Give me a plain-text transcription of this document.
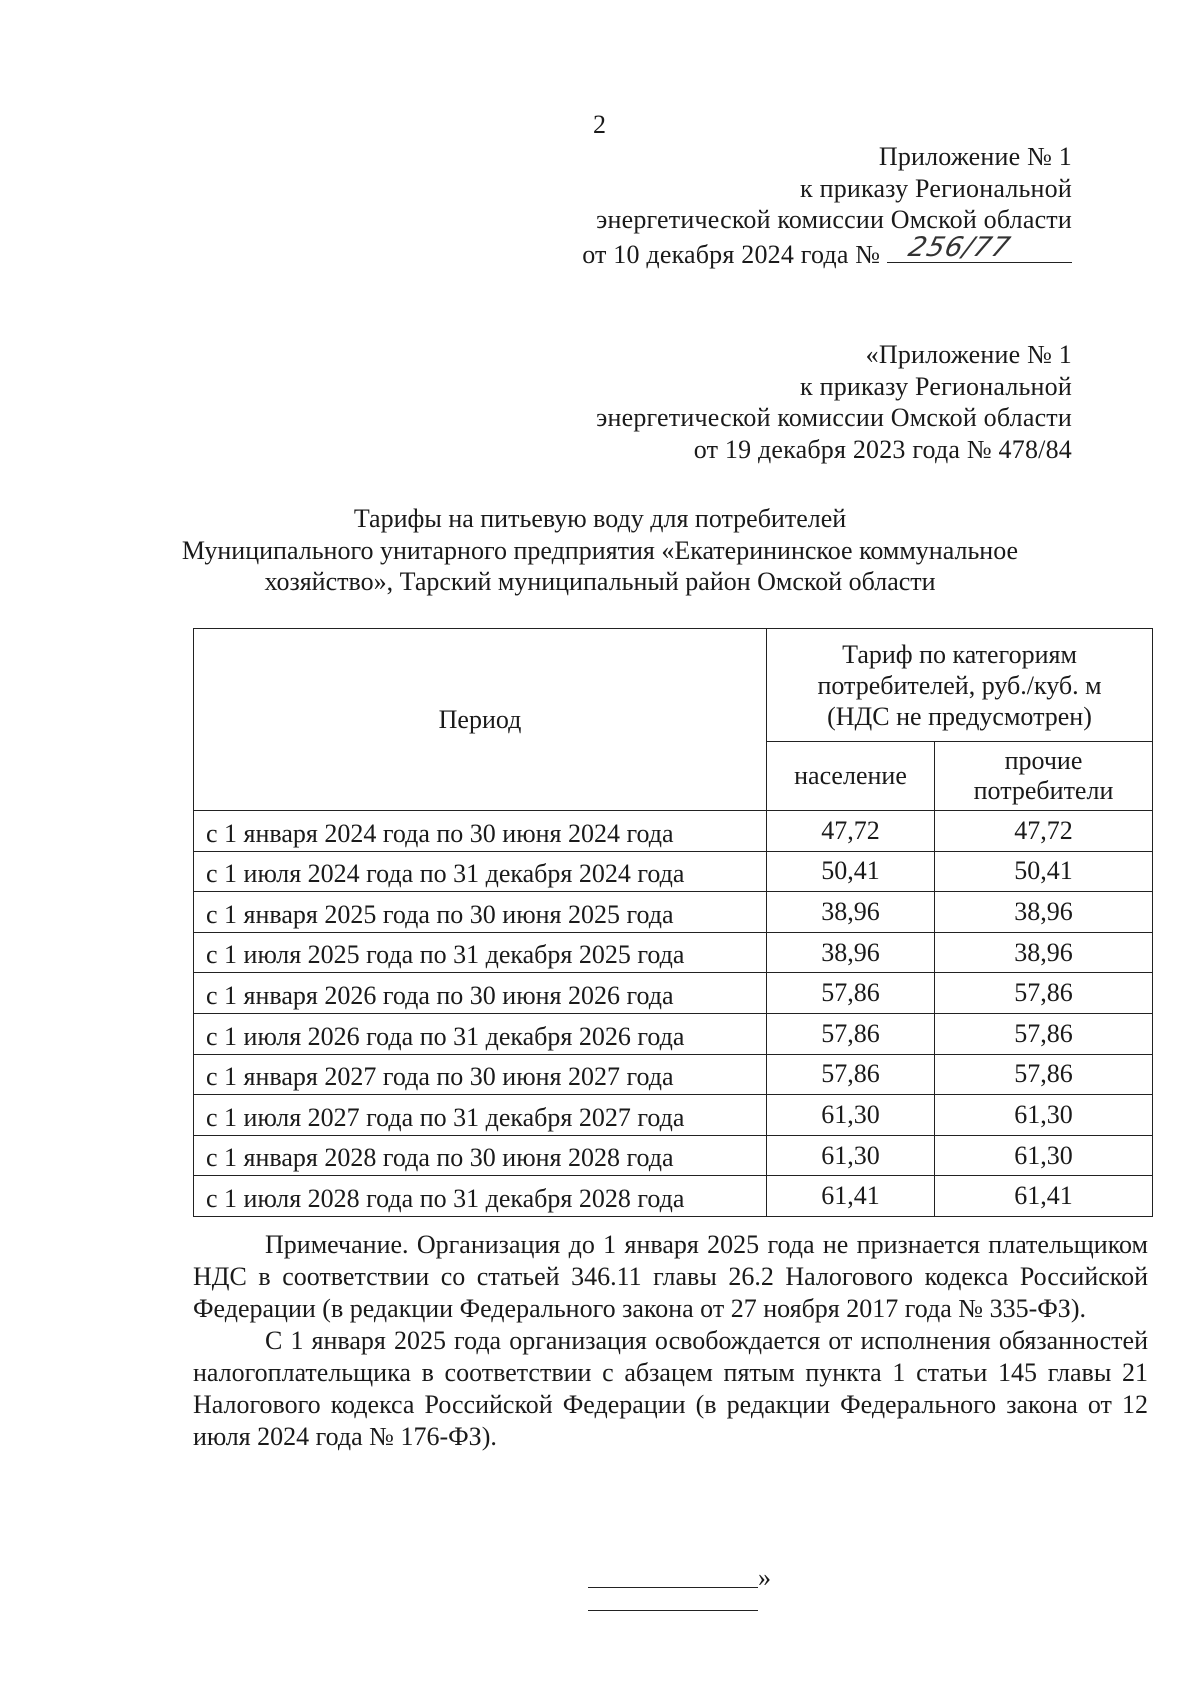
2
Приложение № 1
к приказу Региональной
энергетической комиссии Омской области
от 10 декабря 2024 года № 256/77
«Приложение № 1
к приказу Региональной
энергетической комиссии Омской области
от 19 декабря 2023 года № 478/84
Тарифы на питьевую воду для потребителей
Муниципального унитарного предприятия «Екатерининское коммунальное
хозяйство», Тарский муниципальный район Омской области
Период	Тариф по категориям
потребителей, руб./куб. м
(НДС не предусмотрен)	

	население	прочие
потребители

с 1 января 2024 года по 30 июня 2024 года	47,72	47,72
с 1 июля 2024 года по 31 декабря 2024 года	50,41	50,41
с 1 января 2025 года по 30 июня 2025 года	38,96	38,96
с 1 июля 2025 года по 31 декабря 2025 года	38,96	38,96
с 1 января 2026 года по 30 июня 2026 года	57,86	57,86
с 1 июля 2026 года по 31 декабря 2026 года	57,86	57,86
с 1 января 2027 года по 30 июня 2027 года	57,86	57,86
с 1 июля 2027 года по 31 декабря 2027 года	61,30	61,30
с 1 января 2028 года по 30 июня 2028 года	61,30	61,30
с 1 июля 2028 года по 31 декабря 2028 года	61,41	61,41

Примечание. Организация до 1 января 2025 года не признается плательщиком НДС в соответствии со статьей 346.11 главы 26.2 Налогового кодекса Российской Федерации (в редакции Федерального закона от 27 ноября 2017 года № 335-ФЗ).

С 1 января 2025 года организация освобождается от исполнения обязанностей налогоплательщика в соответствии с абзацем пятым пункта 1 статьи 145 главы 21 Налогового кодекса Российской Федерации (в редакции Федерального закона от 12 июля 2024 года № 176-ФЗ).

»
